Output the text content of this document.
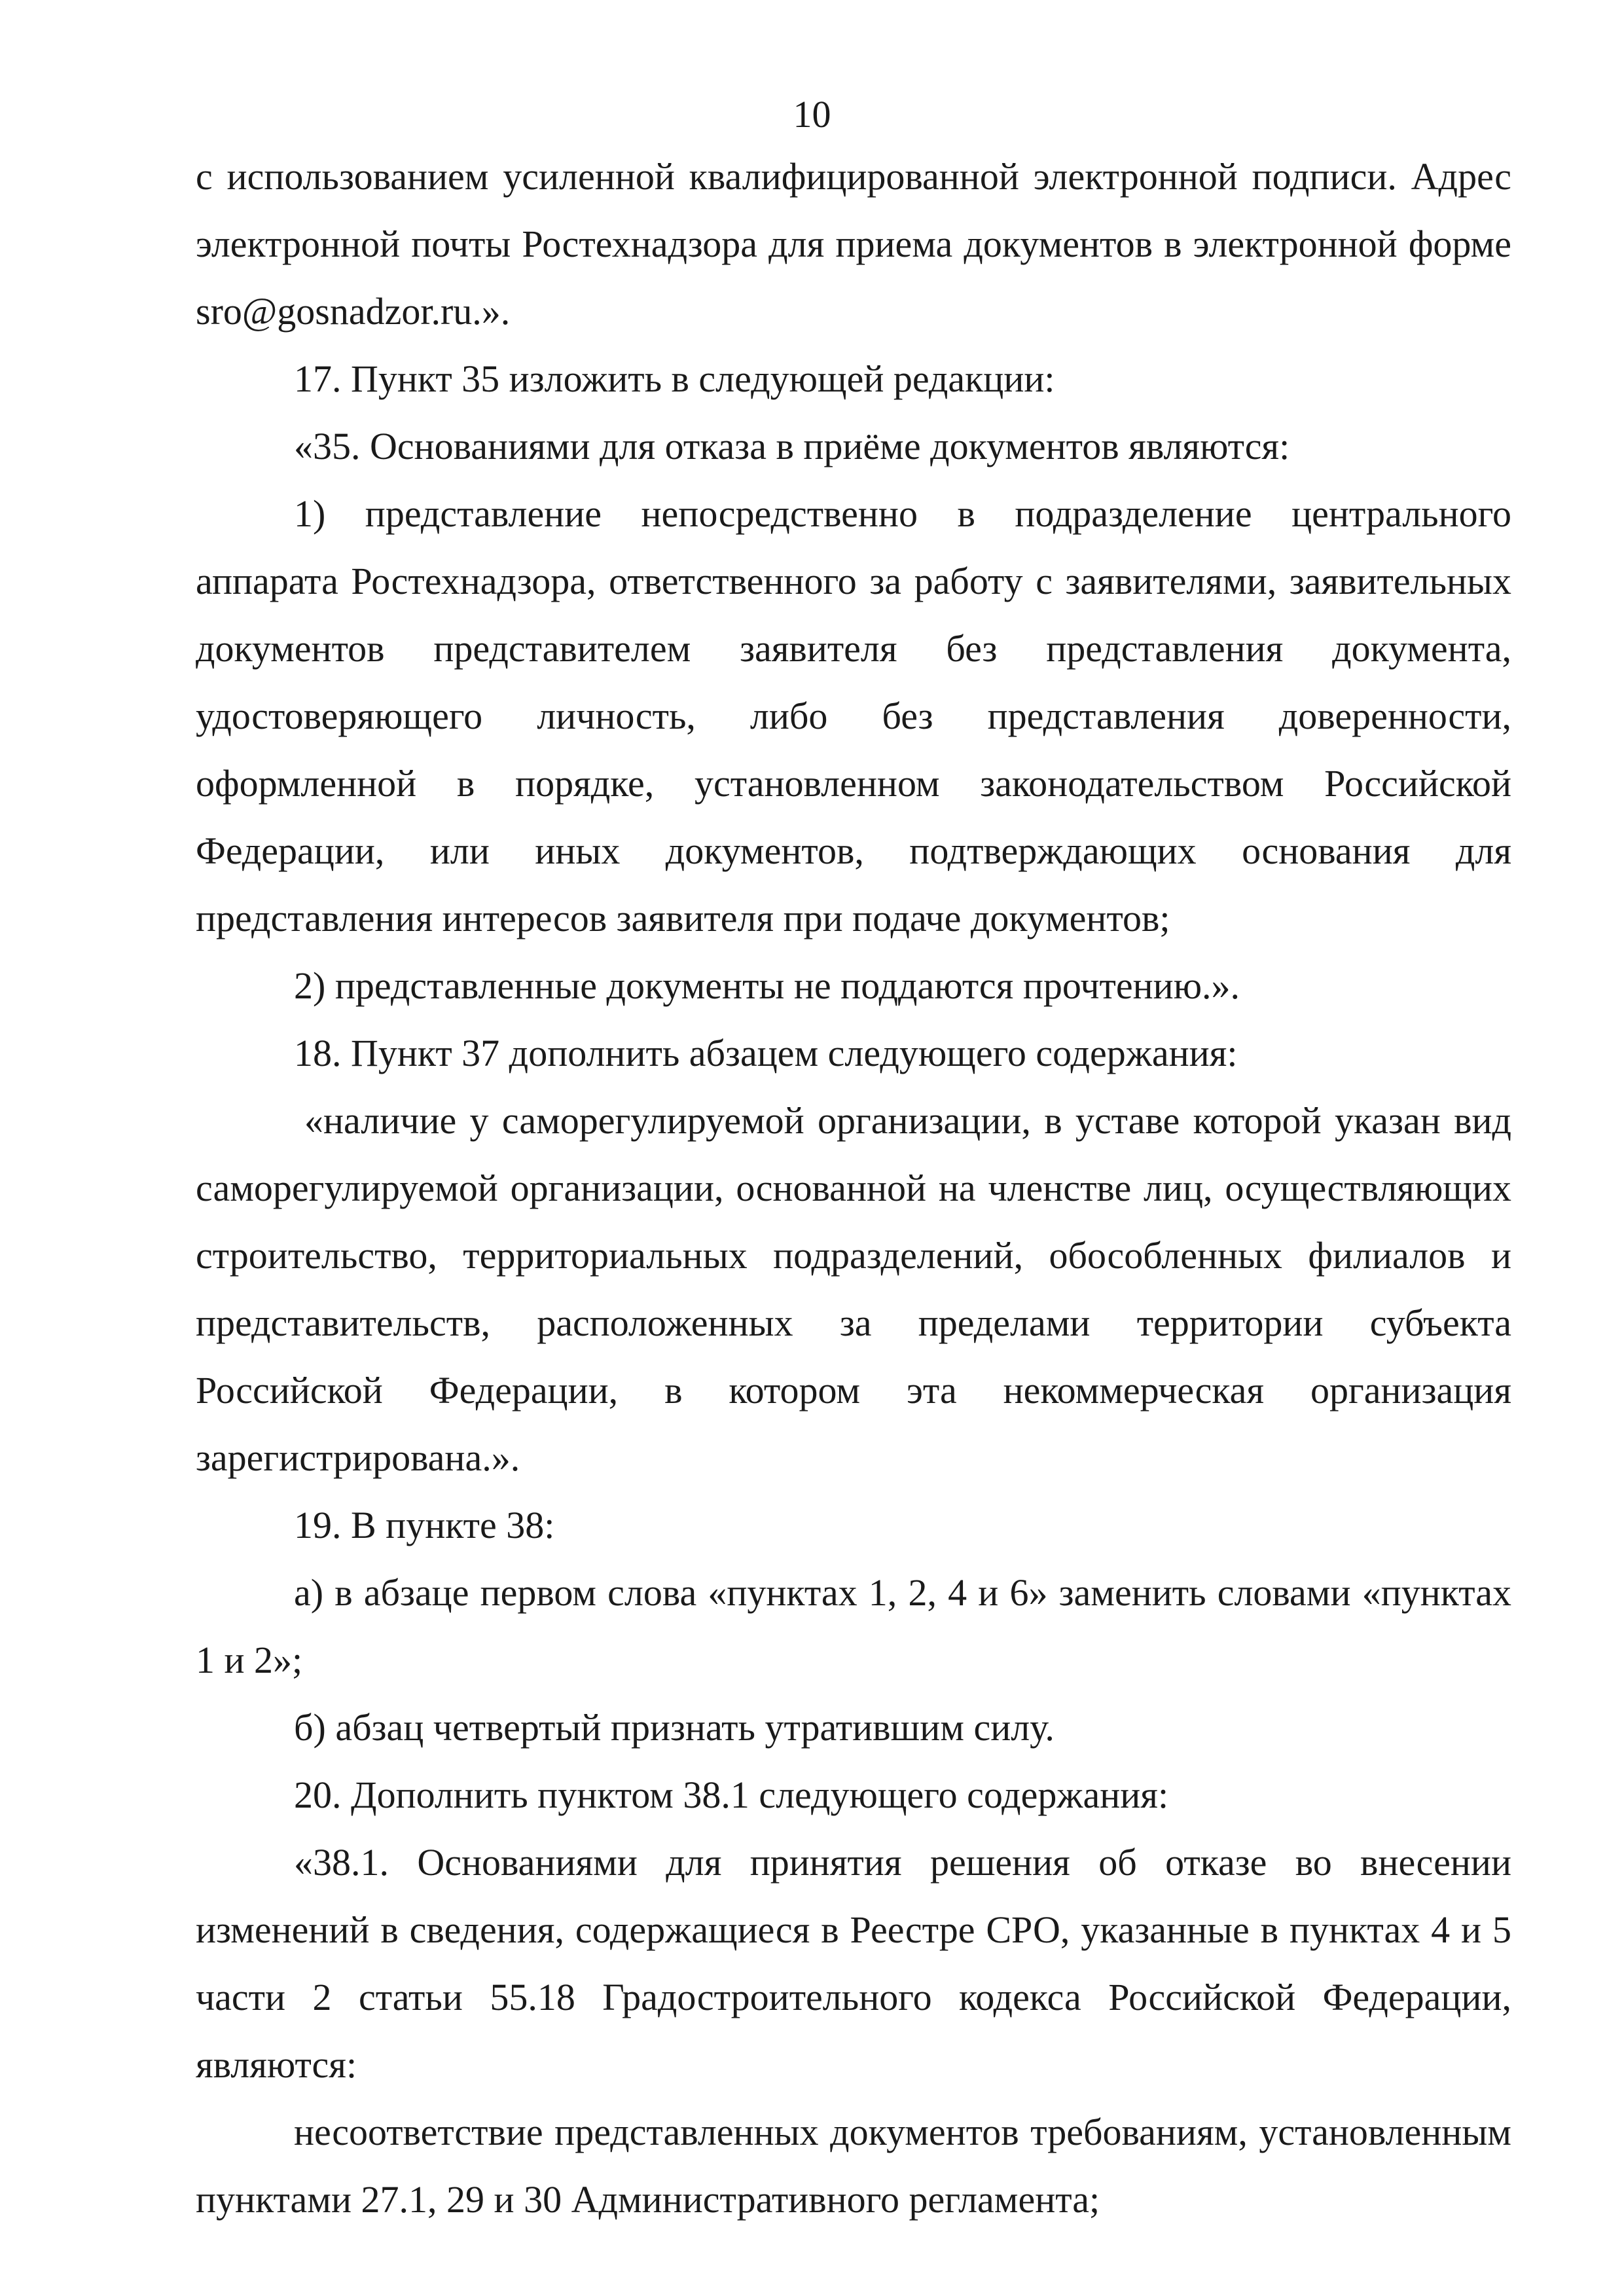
10

с использованием усиленной квалифицированной электронной подписи. Адрес электронной почты Ростехнадзора для приема документов в электронной форме sro@gosnadzor.ru.».

17. Пункт 35 изложить в следующей редакции:

«35. Основаниями для отказа в приёме документов являются:

1) представление непосредственно в подразделение центрального аппарата Ростехнадзора, ответственного за работу с заявителями, заявительных документов представителем заявителя без представления документа, удостоверяющего личность, либо без представления доверенности, оформленной в порядке, установленном законодательством Российской Федерации, или иных документов, подтверждающих основания для представления интересов заявителя при подаче документов;

2) представленные документы не поддаются прочтению.».

18. Пункт 37 дополнить абзацем следующего содержания:

«наличие у саморегулируемой организации, в уставе которой указан вид саморегулируемой организации, основанной на членстве лиц, осуществляющих строительство, территориальных подразделений, обособленных филиалов и представительств, расположенных за пределами территории субъекта Российской Федерации, в котором эта некоммерческая организация зарегистрирована.».

19. В пункте 38:

а) в абзаце первом слова «пунктах 1, 2, 4 и 6» заменить словами «пунктах 1 и 2»;

б) абзац четвертый признать утратившим силу.

20. Дополнить пунктом 38.1 следующего содержания:

«38.1. Основаниями для принятия решения об отказе во внесении изменений в сведения, содержащиеся в Реестре СРО, указанные в пунктах 4 и 5 части 2 статьи 55.18 Градостроительного кодекса Российской Федерации, являются:

несоответствие представленных документов требованиям, установленным пунктами 27.1, 29 и 30 Административного регламента;
